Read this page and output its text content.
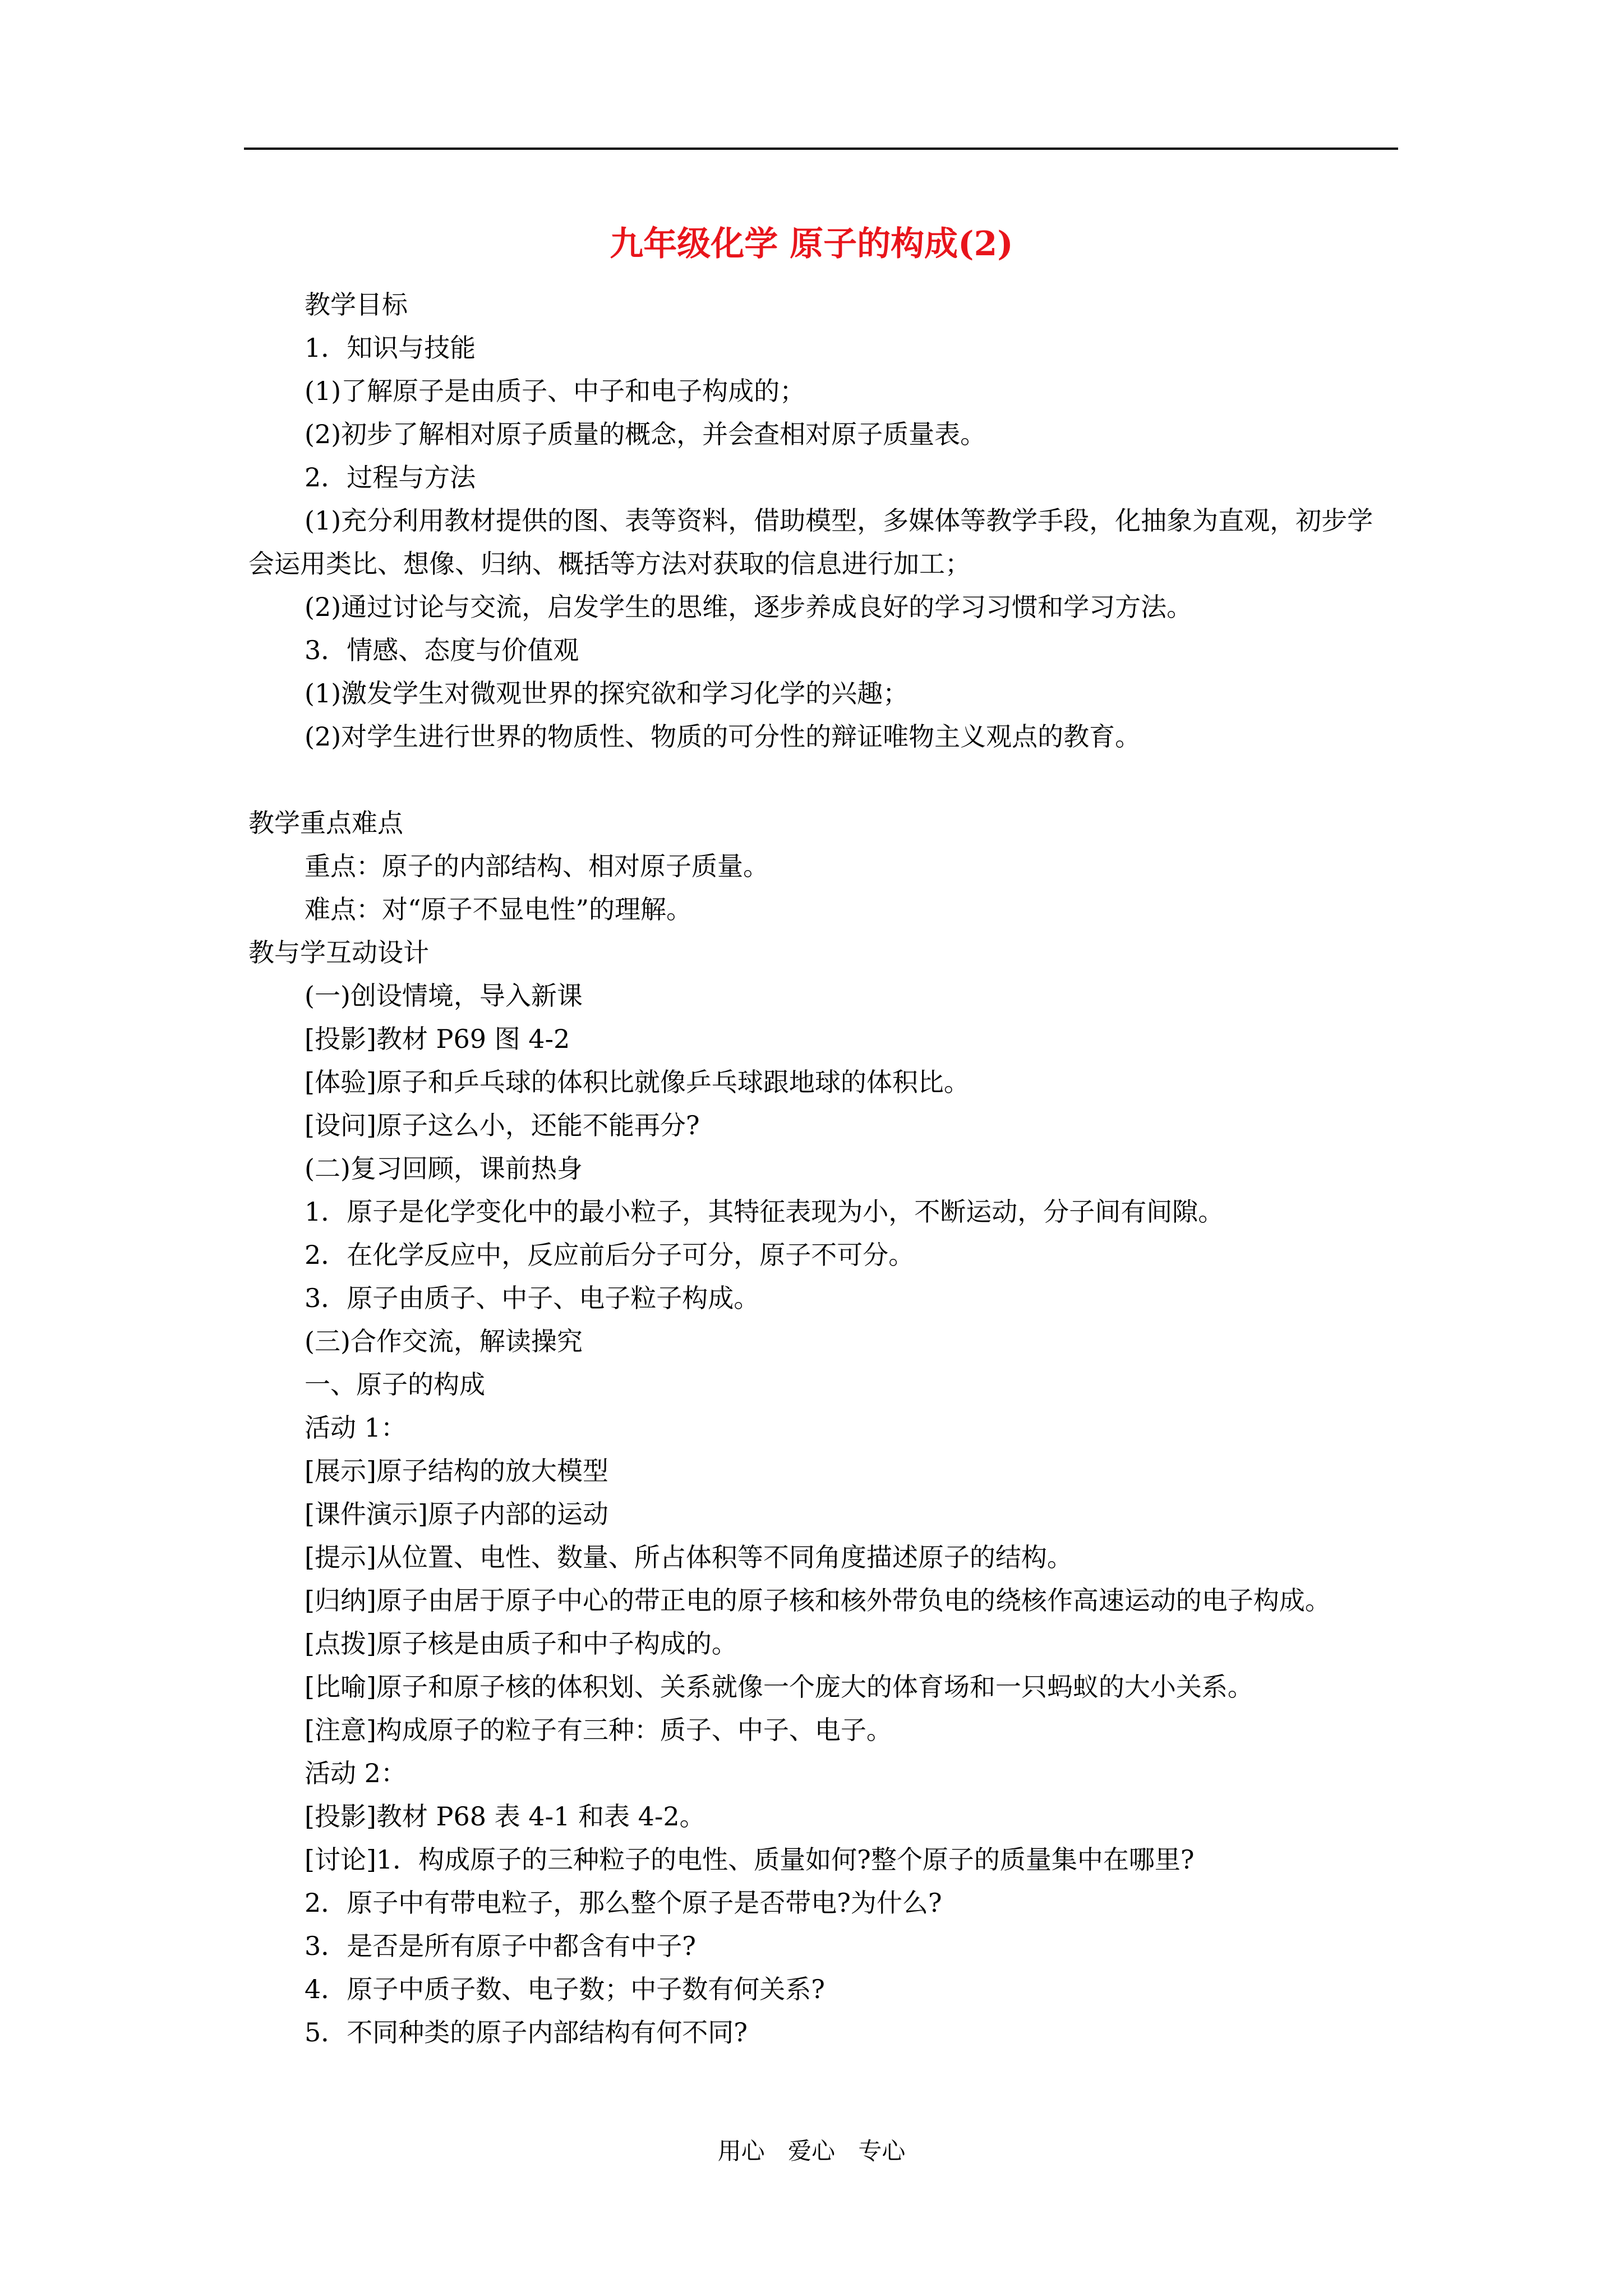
九年级化学 原子的构成(2)
教学目标
1．知识与技能
(1)了解原子是由质子、中子和电子构成的；
(2)初步了解相对原子质量的概念，并会查相对原子质量表。
2．过程与方法
(1)充分利用教材提供的图、表等资料，借助模型，多媒体等教学手段，化抽象为直观，初步学会运用类比、想像、归纳、概括等方法对获取的信息进行加工；
(2)通过讨论与交流，启发学生的思维，逐步养成良好的学习习惯和学习方法。
3．情感、态度与价值观
(1)激发学生对微观世界的探究欲和学习化学的兴趣；
(2)对学生进行世界的物质性、物质的可分性的辩证唯物主义观点的教育。
教学重点难点
重点：原子的内部结构、相对原子质量。
难点：对“原子不显电性”的理解。
教与学互动设计
(一)创设情境，导入新课
[投影]教材 P69 图 4-2
[体验]原子和乒乓球的体积比就像乒乓球跟地球的体积比。
[设问]原子这么小，还能不能再分?
(二)复习回顾，课前热身
1．原子是化学变化中的最小粒子，其特征表现为小，不断运动，分子间有间隙。
2．在化学反应中，反应前后分子可分，原子不可分。
3．原子由质子、中子、电子粒子构成。
(三)合作交流，解读操究
一、原子的构成
活动 1：
[展示]原子结构的放大模型
[课件演示]原子内部的运动
[提示]从位置、电性、数量、所占体积等不同角度描述原子的结构。
[归纳]原子由居于原子中心的带正电的原子核和核外带负电的绕核作高速运动的电子构成。
[点拨]原子核是由质子和中子构成的。
[比喻]原子和原子核的体积划、关系就像一个庞大的体育场和一只蚂蚁的大小关系。
[注意]构成原子的粒子有三种：质子、中子、电子。
活动 2：
[投影]教材 P68 表 4-1 和表 4-2。
[讨论]1．构成原子的三种粒子的电性、质量如何?整个原子的质量集中在哪里?
2．原子中有带电粒子，那么整个原子是否带电?为什么?
3．是否是所有原子中都含有中子?
4．原子中质子数、电子数；中子数有何关系?
5．不同种类的原子内部结构有何不同?
用心 爱心 专心
